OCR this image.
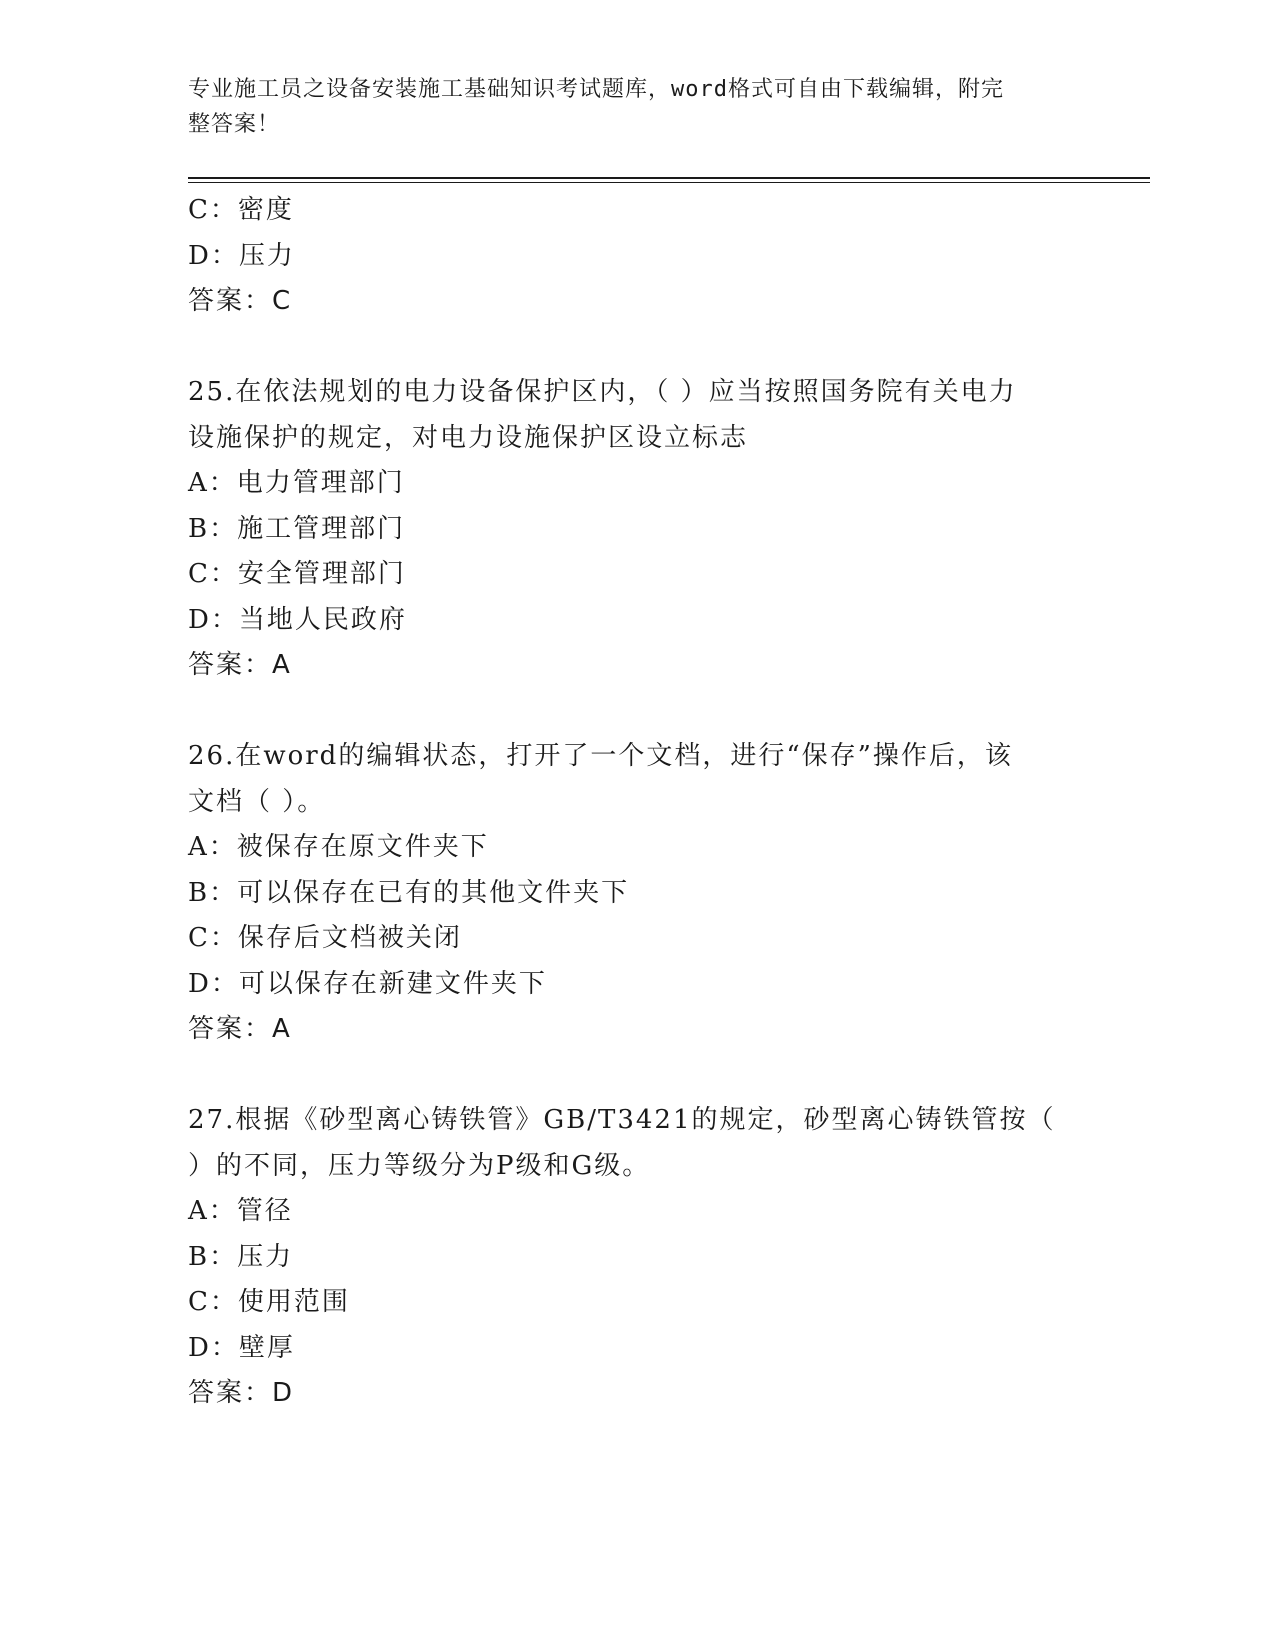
专业施工员之设备安装施工基础知识考试题库，word格式可自由下载编辑，附完
整答案！
C：密度
D：压力
答案：C
25.在依法规划的电力设备保护区内，（ ）应当按照国务院有关电力
设施保护的规定，对电力设施保护区设立标志
A：电力管理部门
B：施工管理部门
C：安全管理部门
D：当地人民政府
答案：A
26.在word的编辑状态，打开了一个文档，进行“保存”操作后，该
文档（ ）。
A：被保存在原文件夹下
B：可以保存在已有的其他文件夹下
C：保存后文档被关闭
D：可以保存在新建文件夹下
答案：A
27.根据《砂型离心铸铁管》GB/T3421的规定，砂型离心铸铁管按（
）的不同，压力等级分为P级和G级。
A：管径
B：压力
C：使用范围
D：壁厚
答案：D
